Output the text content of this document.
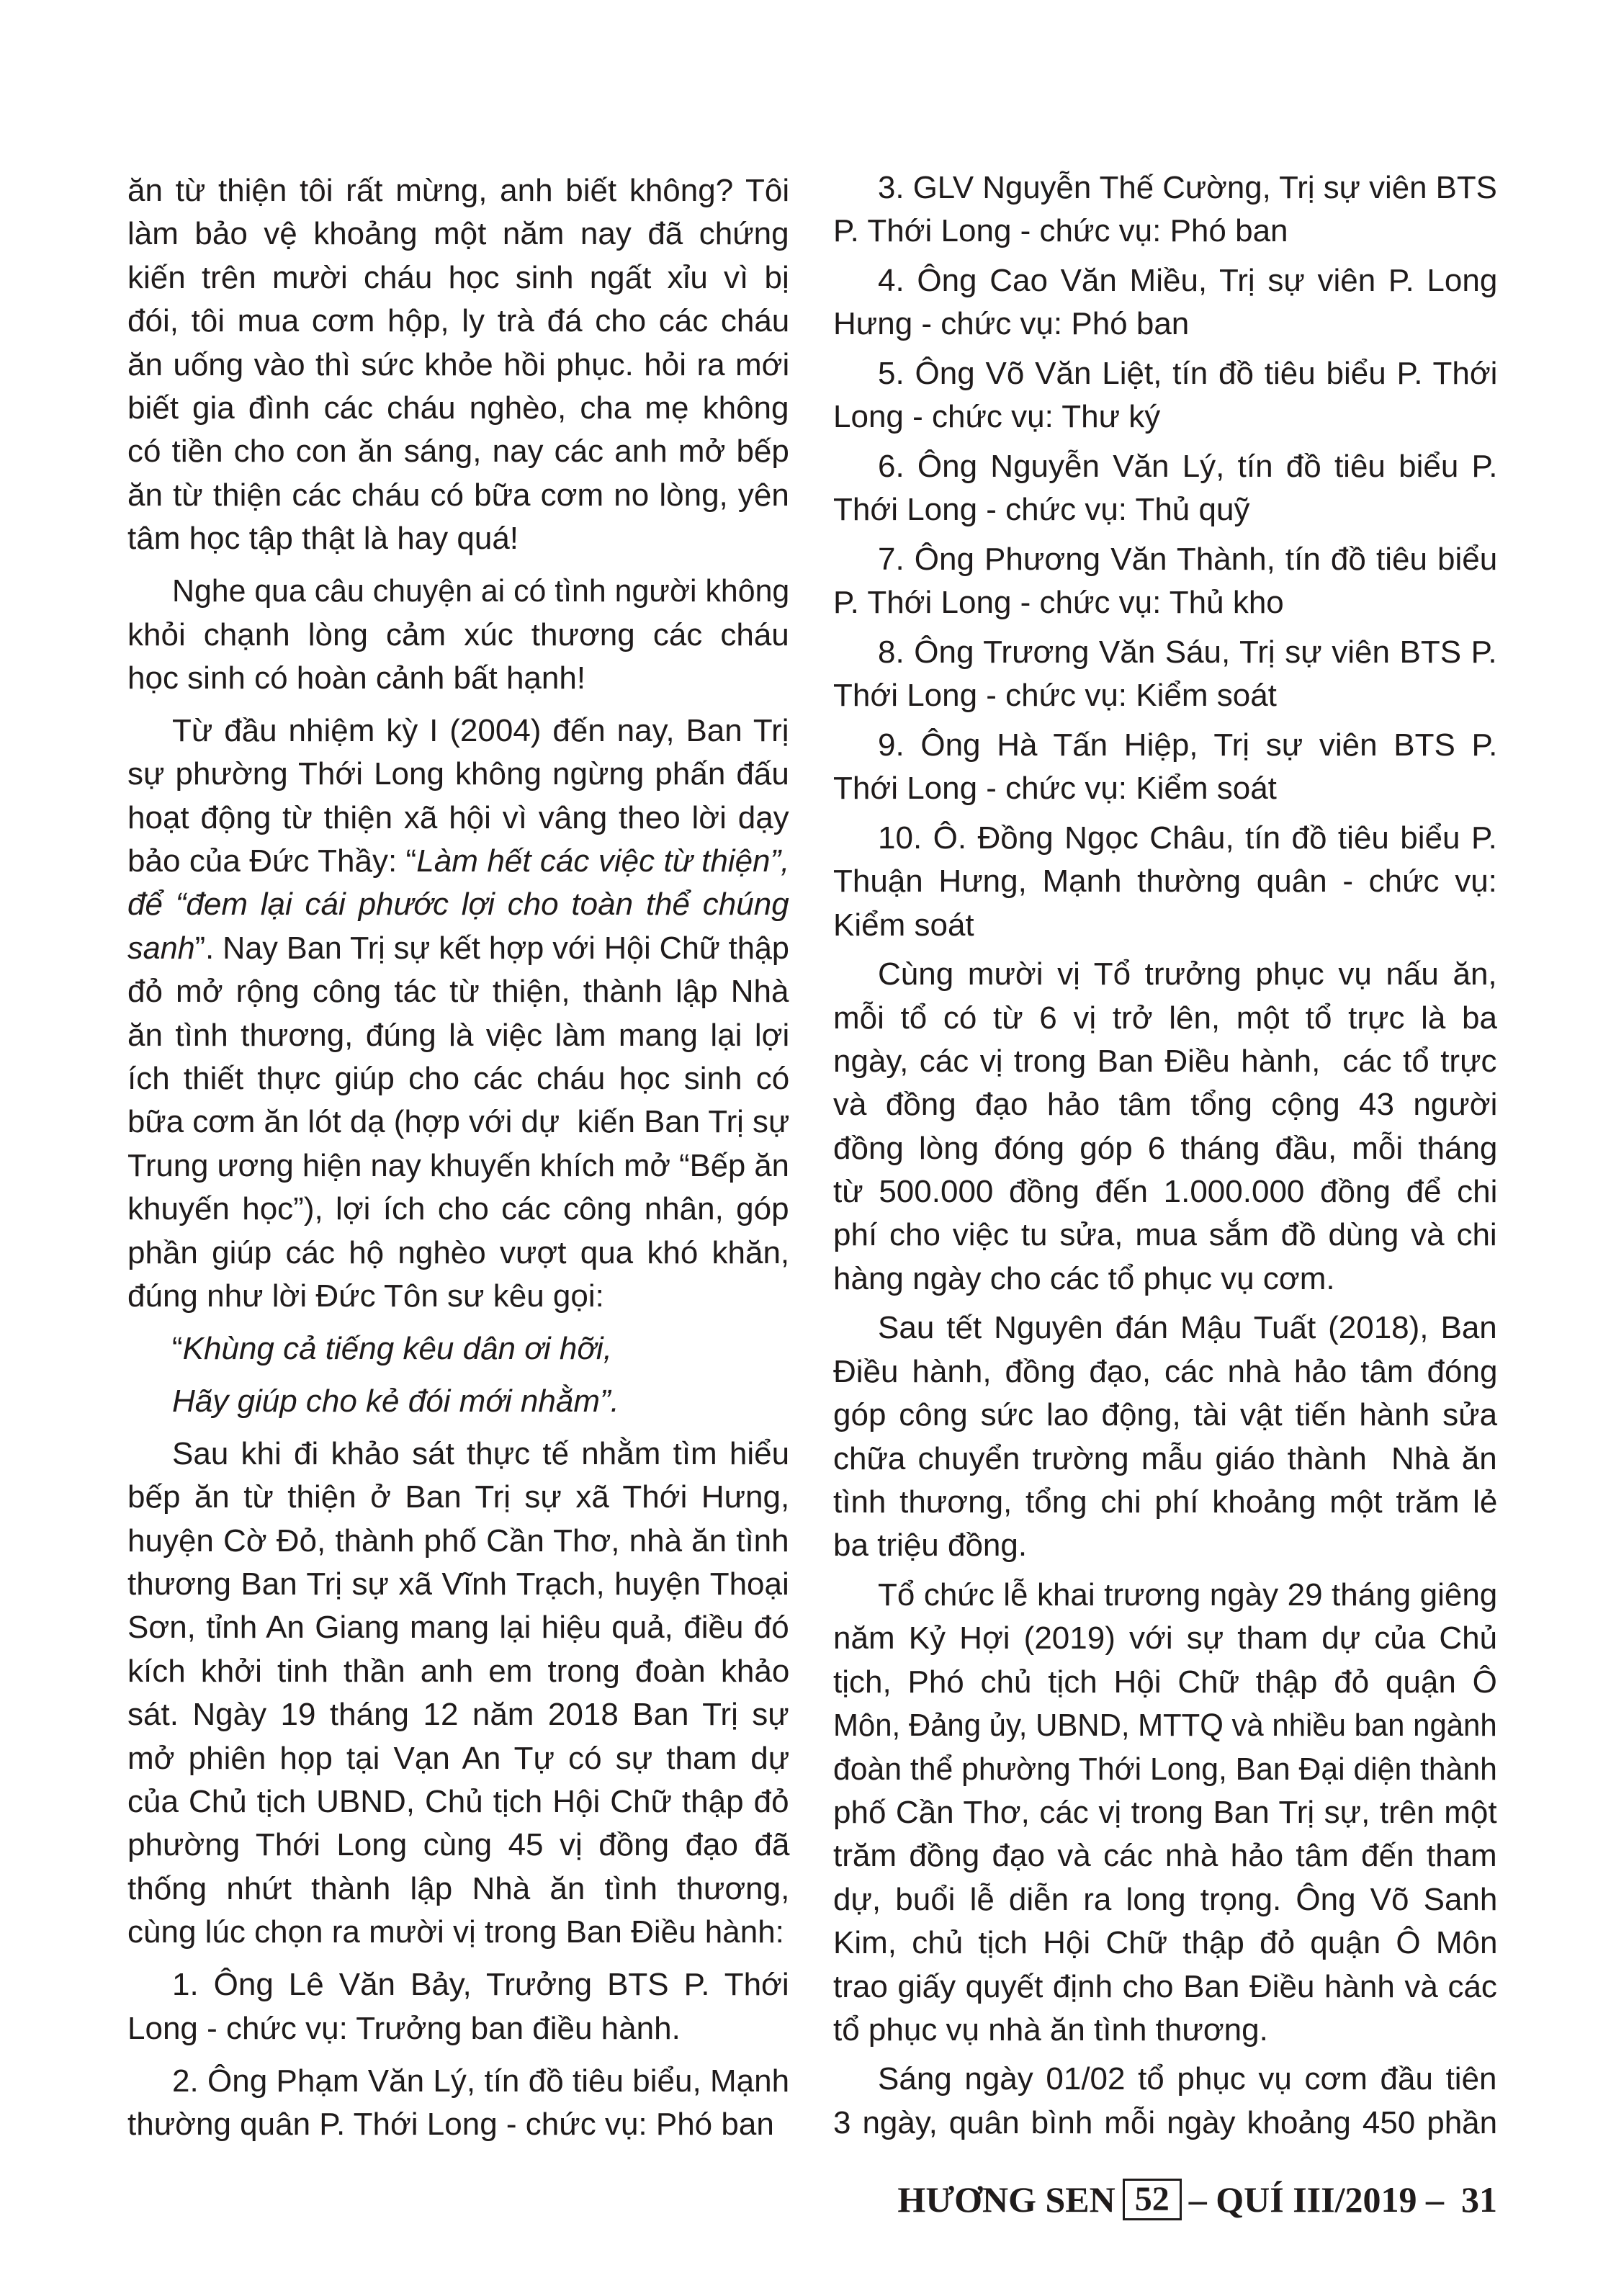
ăn từ thiện tôi rất mừng, anh biết không? Tôi
làm bảo vệ khoảng một năm nay đã chứng
kiến trên mười cháu học sinh ngất xỉu vì bị
đói, tôi mua cơm hộp, ly trà đá cho các cháu
ăn uống vào thì sức khỏe hồi phục. hỏi ra mới
biết gia đình các cháu nghèo, cha mẹ không
có tiền cho con ăn sáng, nay các anh mở bếp
ăn từ thiện các cháu có bữa cơm no lòng, yên
tâm học tập thật là hay quá!
Nghe qua câu chuyện ai có tình người không
khỏi chạnh lòng cảm xúc thương các cháu
học sinh có hoàn cảnh bất hạnh!
Từ đầu nhiệm kỳ I (2004) đến nay, Ban Trị
sự phường Thới Long không ngừng phấn đấu
hoạt động từ thiện xã hội vì vâng theo lời dạy
bảo của Đức Thầy: “Làm hết các việc từ thiện”,
để “đem lại cái phước lợi cho toàn thể chúng
sanh”. Nay Ban Trị sự kết hợp với Hội Chữ thập
đỏ mở rộng công tác từ thiện, thành lập Nhà
ăn tình thương, đúng là việc làm mang lại lợi
ích thiết thực giúp cho các cháu học sinh có
bữa cơm ăn lót dạ (hợp với dự  kiến Ban Trị sự
Trung ương hiện nay khuyến khích mở “Bếp ăn
khuyến học”), lợi ích cho các công nhân, góp
phần giúp các hộ nghèo vượt qua khó khăn,
đúng như lời Đức Tôn sư kêu gọi:
“Khùng cả tiếng kêu dân ơi hỡi,
Hãy giúp cho kẻ đói mới nhằm”.
Sau khi đi khảo sát thực tế nhằm tìm hiểu
bếp ăn từ thiện ở Ban Trị sự xã Thới Hưng,
huyện Cờ Đỏ, thành phố Cần Thơ, nhà ăn tình
thương Ban Trị sự xã Vĩnh Trạch, huyện Thoại
Sơn, tỉnh An Giang mang lại hiệu quả, điều đó
kích khởi tinh thần anh em trong đoàn khảo
sát. Ngày 19 tháng 12 năm 2018 Ban Trị sự
mở phiên họp tại Vạn An Tự có sự tham dự
của Chủ tịch UBND, Chủ tịch Hội Chữ thập đỏ
phường Thới Long cùng 45 vị đồng đạo đã
thống nhứt thành lập Nhà ăn tình thương,
cùng lúc chọn ra mười vị trong Ban Điều hành:
1. Ông Lê Văn Bảy, Trưởng BTS P. Thới
Long - chức vụ: Trưởng ban điều hành.
2. Ông Phạm Văn Lý, tín đồ tiêu biểu, Mạnh
thường quân P. Thới Long - chức vụ: Phó ban
3. GLV Nguyễn Thế Cường, Trị sự viên BTS
P. Thới Long - chức vụ: Phó ban
4. Ông Cao Văn Miều, Trị sự viên P. Long
Hưng - chức vụ: Phó ban
5. Ông Võ Văn Liệt, tín đồ tiêu biểu P. Thới
Long - chức vụ: Thư ký
6. Ông Nguyễn Văn Lý, tín đồ tiêu biểu P.
Thới Long - chức vụ: Thủ quỹ
7. Ông Phương Văn Thành, tín đồ tiêu biểu
P. Thới Long - chức vụ: Thủ kho
8. Ông Trương Văn Sáu, Trị sự viên BTS P.
Thới Long - chức vụ: Kiểm soát
9. Ông Hà Tấn Hiệp, Trị sự viên BTS P.
Thới Long - chức vụ: Kiểm soát
10. Ô. Đồng Ngọc Châu, tín đồ tiêu biểu P.
Thuận Hưng, Mạnh thường quân - chức vụ:
Kiểm soát
Cùng mười vị Tổ trưởng phục vụ nấu ăn,
mỗi tổ có từ 6 vị trở lên, một tổ trực là ba
ngày, các vị trong Ban Điều hành,  các tổ trực
và đồng đạo hảo tâm tổng cộng 43 người
đồng lòng đóng góp 6 tháng đầu, mỗi tháng
từ 500.000 đồng đến 1.000.000 đồng để chi
phí cho việc tu sửa, mua sắm đồ dùng và chi
hàng ngày cho các tổ phục vụ cơm.
Sau tết Nguyên đán Mậu Tuất (2018), Ban
Điều hành, đồng đạo, các nhà hảo tâm đóng
góp công sức lao động, tài vật tiến hành sửa
chữa chuyển trường mẫu giáo thành  Nhà ăn
tình thương, tổng chi phí khoảng một trăm lẻ
ba triệu đồng.
Tổ chức lễ khai trương ngày 29 tháng giêng
năm Kỷ Hợi (2019) với sự tham dự của Chủ
tịch, Phó chủ tịch Hội Chữ thập đỏ quận Ô
Môn, Đảng ủy, UBND, MTTQ và nhiều ban ngành
đoàn thể phường Thới Long, Ban Đại diện thành
phố Cần Thơ, các vị trong Ban Trị sự, trên một
trăm đồng đạo và các nhà hảo tâm đến tham
dự, buổi lễ diễn ra long trọng. Ông Võ Sanh
Kim, chủ tịch Hội Chữ thập đỏ quận Ô Môn
trao giấy quyết định cho Ban Điều hành và các
tổ phục vụ nhà ăn tình thương.
Sáng ngày 01/02 tổ phục vụ cơm đầu tiên
3 ngày, quân bình mỗi ngày khoảng 450 phần
HƯƠNG SEN 52 – QUÍ III/2019 – 31
